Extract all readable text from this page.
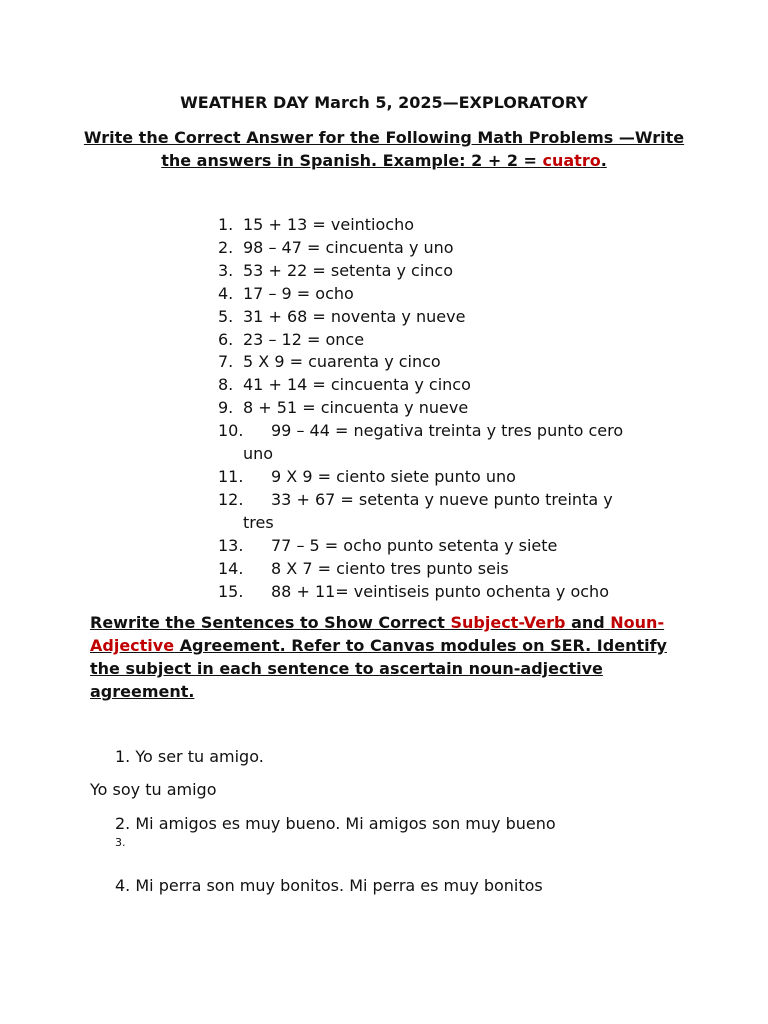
WEATHER DAY March 5, 2025—EXPLORATORY
Write the Correct Answer for the Following Math Problems —Write the answers in Spanish. Example: 2 + 2 = cuatro.
1. 15 + 13 = veintiocho
2. 98 – 47 = cincuenta y uno
3. 53 + 22 = setenta y cinco
4. 17 – 9 = ocho
5. 31 + 68 = noventa y nueve
6. 23 – 12 = once
7. 5 X 9 = cuarenta y cinco
8. 41 + 14 = cincuenta y cinco
9. 8 + 51 = cincuenta y nueve
10. 99 – 44 = negativa treinta y tres punto cero
uno
11. 9 X 9 = ciento siete punto uno
12. 33 + 67 = setenta y nueve punto treinta y
tres
13. 77 – 5 = ocho punto setenta y siete
14. 8 X 7 = ciento tres punto seis
15. 88 + 11= veintiseis punto ochenta y ocho
Rewrite the Sentences to Show Correct Subject-Verb and Noun-Adjective Agreement. Refer to Canvas modules on SER. Identify the subject in each sentence to ascertain noun-adjective agreement.
1. Yo ser tu amigo.
Yo soy tu amigo
2. Mi amigos es muy bueno. Mi amigos son muy bueno
3.
4. Mi perra son muy bonitos. Mi perra es muy bonitos
